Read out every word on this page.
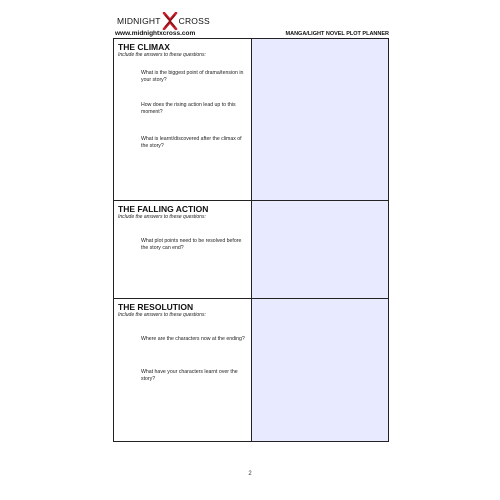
MIDNIGHT CROSS
www.midnightxcross.com	MANGA/LIGHT NOVEL PLOT PLANNER
THE CLIMAX
Include the answers to these questions:
What is the biggest point of drama/tension in your story?
How does the rising action lead up to this moment?
What is learnt/discovered after the climax of the story?
THE FALLING ACTION
Include the answers to these questions:
What plot points need to be resolved before the story can end?
THE RESOLUTION
Include the answers to these questions:
Where are the characters now at the ending?
What have your characters learnt over the story?
2
